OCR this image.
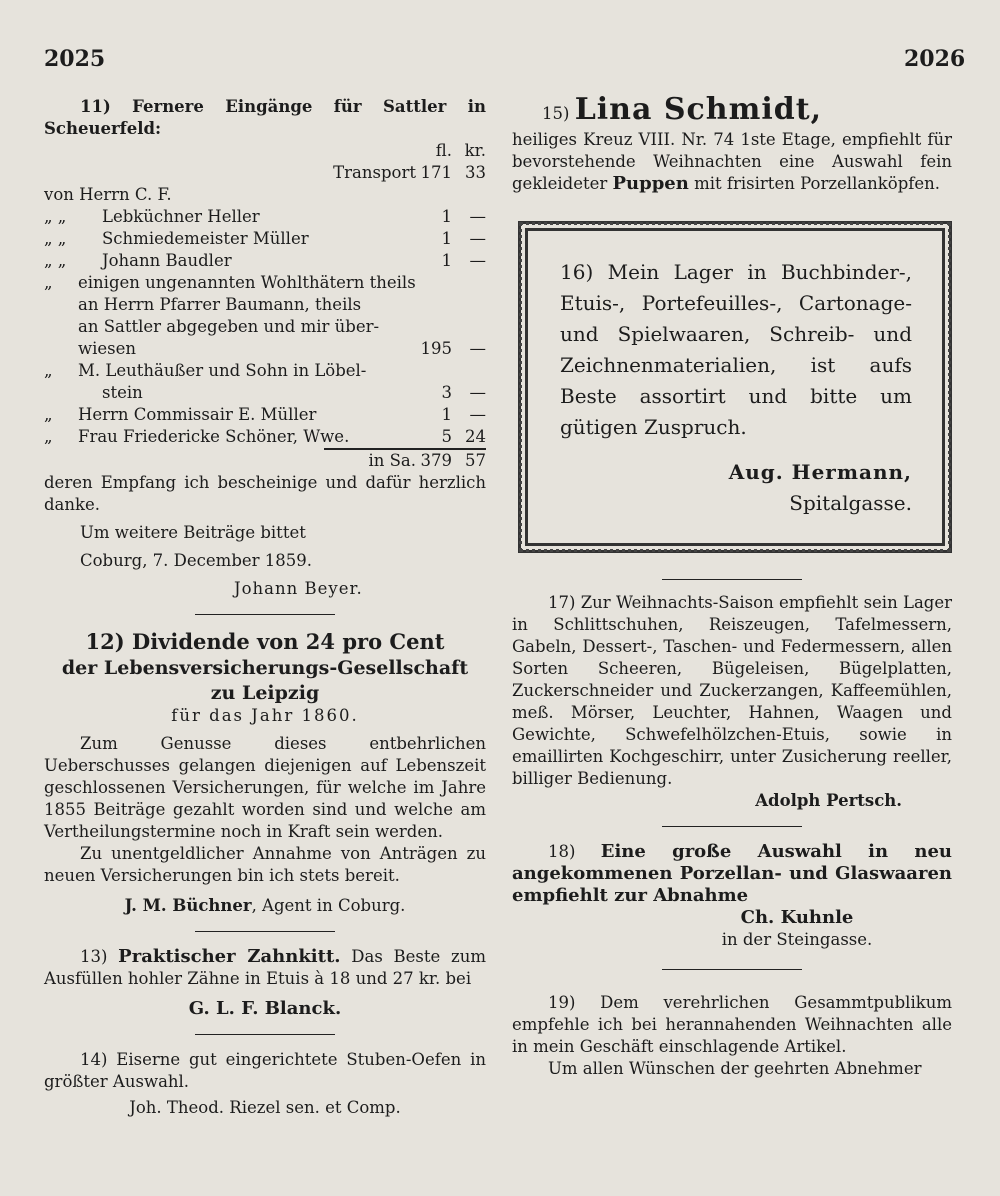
2025	2026

11) Fernere Eingänge für Sattler in Scheuerfeld:

fl. kr.
Transport 171 33
von Herrn C. F.
„ „ Lebküchner Heller	1	—
„ „ Schmiedemeister Müller	1	—
„ „ Johann Baudler	1	—
„ einigen ungenannten Wohlthätern theils
an Herrn Pfarrer Baumann, theils
an Sattler abgegeben und mir über-
wiesen	195	—
„ M. Leuthäußer und Sohn in Löbel-
stein	3	—
„ Herrn Commissair E. Müller	1	—
„ Frau Friedericke Schöner, Wwe.	5 24
in Sa. 379 57

deren Empfang ich bescheinige und dafür herzlich danke.

Um weitere Beiträge bittet

Coburg, 7. December 1859.

Johann Beyer.

12) Dividende von 24 pro Cent

der Lebensversicherungs-Gesellschaft

zu Leipzig

für das Jahr 1860.

Zum Genusse dieses entbehrlichen Ueberschusses gelangen diejenigen auf Lebenszeit geschlossenen Versicherungen, für welche im Jahre 1855 Beiträge gezahlt worden sind und welche am Vertheilungstermine noch in Kraft sein werden.

Zu unentgeldlicher Annahme von Anträgen zu neuen Versicherungen bin ich stets bereit.

J. M. Büchner, Agent in Coburg.

13) Praktischer Zahnkitt. Das Beste zum Ausfüllen hohler Zähne in Etuis à 18 und 27 kr. bei

G. L. F. Blanck.

14) Eiserne gut eingerichtete Stuben-Oefen in größter Auswahl.

Joh. Theod. Riezel sen. et Comp.

15) Lina Schmidt,

heiliges Kreuz VIII. Nr. 74 1ste Etage, empfiehlt für bevorstehende Weihnachten eine Auswahl fein gekleideter Puppen mit frisirten Porzellanköpfen.

16) Mein Lager in Buchbinder-, Etuis-, Portefeuilles-, Cartonage- und Spielwaaren, Schreib- und Zeichnenmaterialien, ist aufs Beste assortirt und bitte um gütigen Zuspruch.

Aug. Hermann,

Spitalgasse.

17) Zur Weihnachts-Saison empfiehlt sein Lager in Schlittschuhen, Reiszeugen, Tafelmessern, Gabeln, Dessert-, Taschen- und Federmessern, allen Sorten Scheeren, Bügeleisen, Bügelplatten, Zuckerschneider und Zuckerzangen, Kaffeemühlen, meß. Mörser, Leuchter, Hahnen, Waagen und Gewichte, Schwefelhölzchen-Etuis, sowie in emaillirten Kochgeschirr, unter Zusicherung reeller, billiger Bedienung.

Adolph Pertsch.

18) Eine große Auswahl in neu angekommenen Porzellan- und Glaswaaren empfiehlt zur Abnahme

Ch. Kuhnle

in der Steingasse.

19) Dem verehrlichen Gesammtpublikum empfehle ich bei herannahenden Weihnachten alle in mein Geschäft einschlagende Artikel.

Um allen Wünschen der geehrten Abnehmer
